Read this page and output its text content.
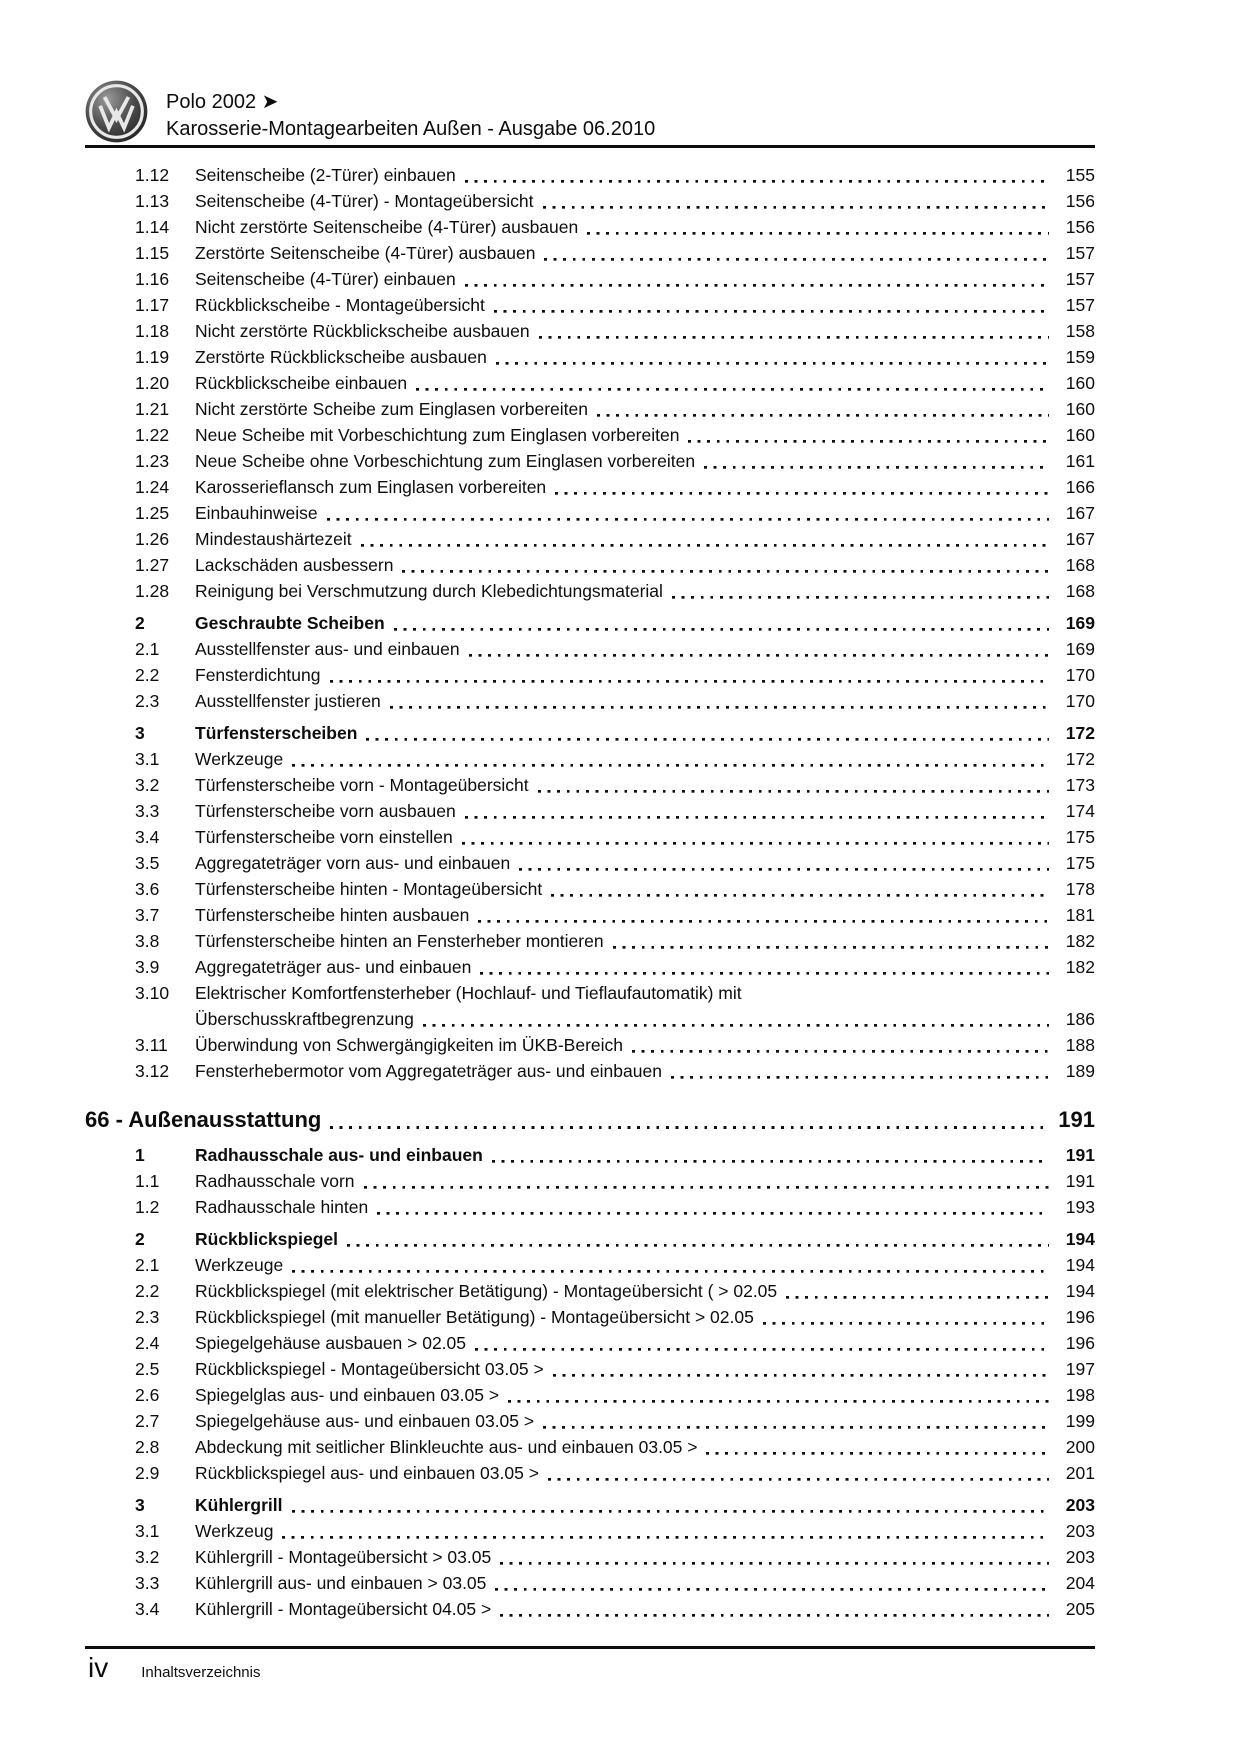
Polo 2002 ➤
Karosserie-Montagearbeiten Außen - Ausgabe 06.2010
1.12	Seitenscheibe (2-Türer) einbauen	155
1.13	Seitenscheibe (4-Türer) - Montageübersicht	156
1.14	Nicht zerstörte Seitenscheibe (4-Türer) ausbauen	156
1.15	Zerstörte Seitenscheibe (4-Türer) ausbauen	157
1.16	Seitenscheibe (4-Türer) einbauen	157
1.17	Rückblickscheibe - Montageübersicht	157
1.18	Nicht zerstörte Rückblickscheibe ausbauen	158
1.19	Zerstörte Rückblickscheibe ausbauen	159
1.20	Rückblickscheibe einbauen	160
1.21	Nicht zerstörte Scheibe zum Einglasen vorbereiten	160
1.22	Neue Scheibe mit Vorbeschichtung zum Einglasen vorbereiten	160
1.23	Neue Scheibe ohne Vorbeschichtung zum Einglasen vorbereiten	161
1.24	Karosserieflansch zum Einglasen vorbereiten	166
1.25	Einbauhinweise	167
1.26	Mindestaushärtezeit	167
1.27	Lackschäden ausbessern	168
1.28	Reinigung bei Verschmutzung durch Klebedichtungsmaterial	168
2	Geschraubte Scheiben	169
2.1	Ausstellfenster aus- und einbauen	169
2.2	Fensterdichtung	170
2.3	Ausstellfenster justieren	170
3	Türfensterscheiben	172
3.1	Werkzeuge	172
3.2	Türfensterscheibe vorn - Montageübersicht	173
3.3	Türfensterscheibe vorn ausbauen	174
3.4	Türfensterscheibe vorn einstellen	175
3.5	Aggregateträger vorn aus- und einbauen	175
3.6	Türfensterscheibe hinten - Montageübersicht	178
3.7	Türfensterscheibe hinten ausbauen	181
3.8	Türfensterscheibe hinten an Fensterheber montieren	182
3.9	Aggregateträger aus- und einbauen	182
3.10	Elektrischer Komfortfensterheber (Hochlauf- und Tieflaufautomatik) mit
Überschusskraftbegrenzung	186
3.11	Überwindung von Schwergängigkeiten im ÜKB-Bereich	188
3.12	Fensterhebermotor vom Aggregateträger aus- und einbauen	189
66 - Außenausstattung	191
1	Radhausschale aus- und einbauen	191
1.1	Radhausschale vorn	191
1.2	Radhausschale hinten	193
2	Rückblickspiegel	194
2.1	Werkzeuge	194
2.2	Rückblickspiegel (mit elektrischer Betätigung) - Montageübersicht ( > 02.05	194
2.3	Rückblickspiegel (mit manueller Betätigung) - Montageübersicht > 02.05	196
2.4	Spiegelgehäuse ausbauen > 02.05	196
2.5	Rückblickspiegel - Montageübersicht 03.05 >	197
2.6	Spiegelglas aus- und einbauen 03.05 >	198
2.7	Spiegelgehäuse aus- und einbauen 03.05 >	199
2.8	Abdeckung mit seitlicher Blinkleuchte aus- und einbauen 03.05 >	200
2.9	Rückblickspiegel aus- und einbauen 03.05 >	201
3	Kühlergrill	203
3.1	Werkzeug	203
3.2	Kühlergrill - Montageübersicht > 03.05	203
3.3	Kühlergrill aus- und einbauen > 03.05	204
3.4	Kühlergrill - Montageübersicht 04.05 >	205
iv Inhaltsverzeichnis
